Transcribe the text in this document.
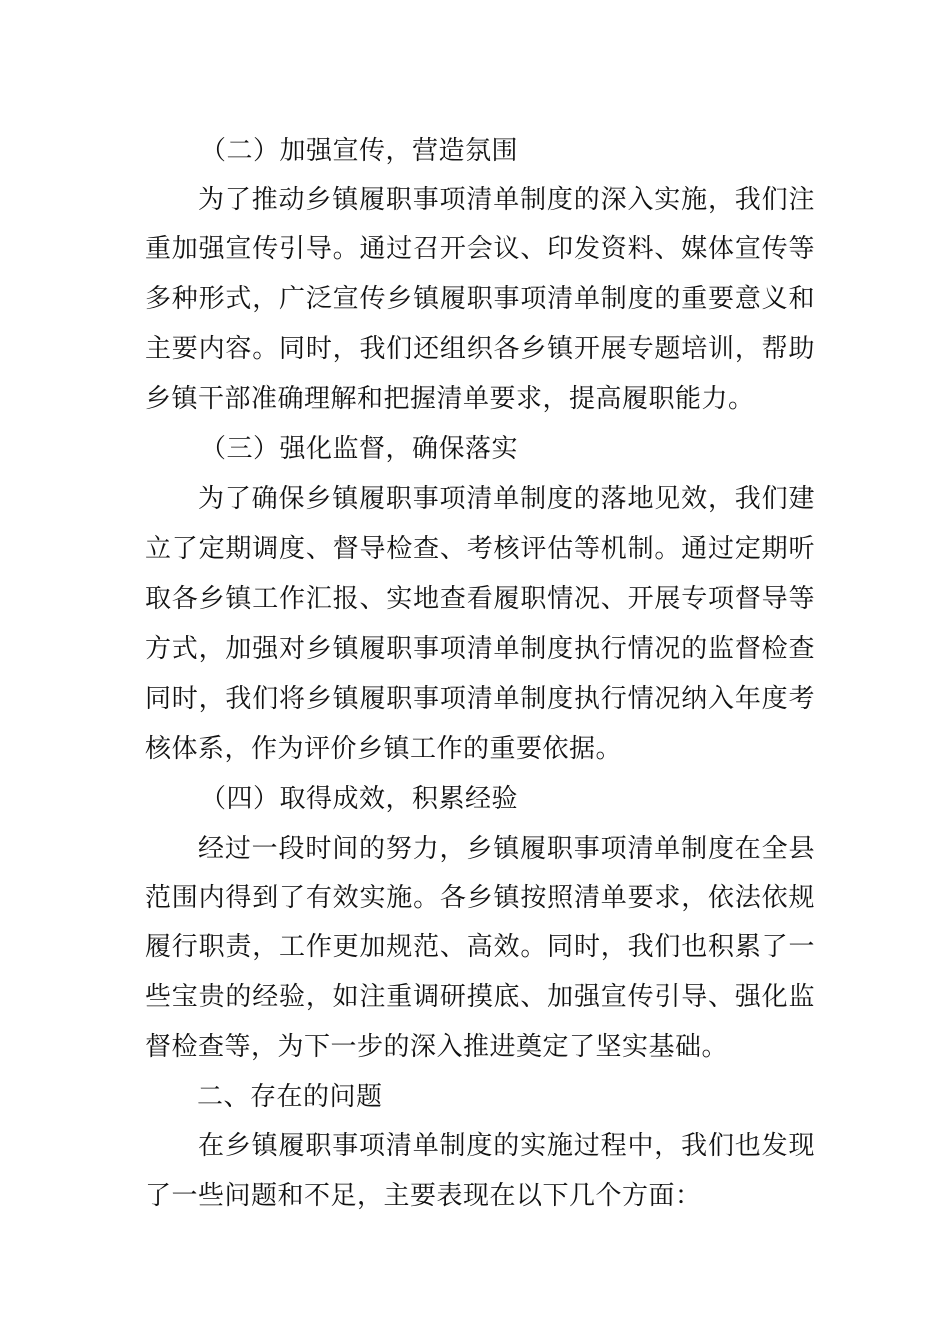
（二）加强宣传，营造氛围
为了推动乡镇履职事项清单制度的深入实施，我们注
重加强宣传引导。通过召开会议、印发资料、媒体宣传等
多种形式，广泛宣传乡镇履职事项清单制度的重要意义和
主要内容。同时，我们还组织各乡镇开展专题培训，帮助
乡镇干部准确理解和把握清单要求，提高履职能力。
（三）强化监督，确保落实
为了确保乡镇履职事项清单制度的落地见效，我们建
立了定期调度、督导检查、考核评估等机制。通过定期听
取各乡镇工作汇报、实地查看履职情况、开展专项督导等
方式，加强对乡镇履职事项清单制度执行情况的监督检查
同时，我们将乡镇履职事项清单制度执行情况纳入年度考
核体系，作为评价乡镇工作的重要依据。
（四）取得成效，积累经验
经过一段时间的努力，乡镇履职事项清单制度在全县
范围内得到了有效实施。各乡镇按照清单要求，依法依规
履行职责，工作更加规范、高效。同时，我们也积累了一
些宝贵的经验，如注重调研摸底、加强宣传引导、强化监
督检查等，为下一步的深入推进奠定了坚实基础。
二、存在的问题
在乡镇履职事项清单制度的实施过程中，我们也发现
了一些问题和不足，主要表现在以下几个方面：
